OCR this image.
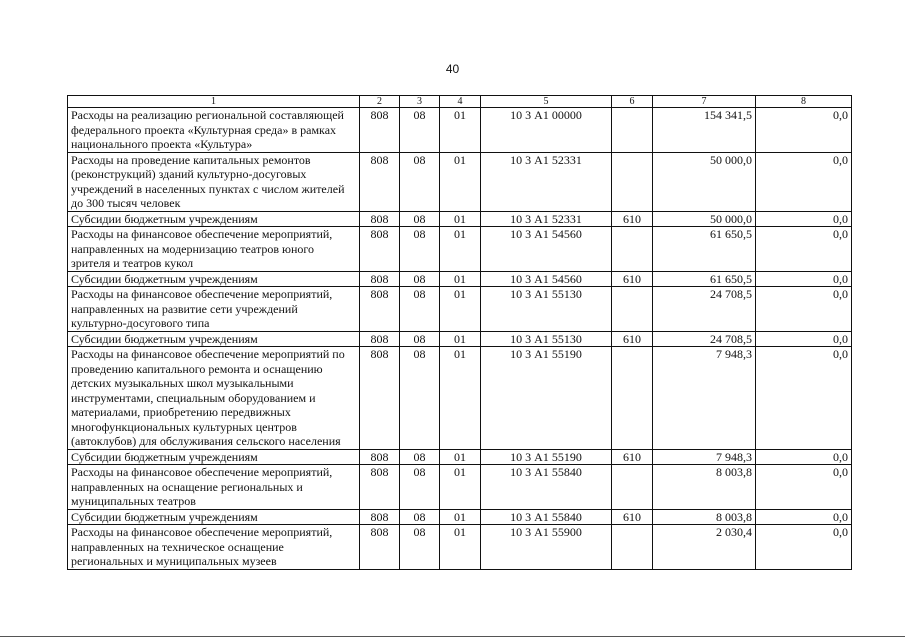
40
1	2	3	4	5	6	7	8
Расходы на реализацию региональной составляющей федерального проекта «Культурная среда» в рамках национального проекта «Культура»	808	08	01	10 3 А1 00000		154 341,5	0,0
Расходы на проведение капитальных ремонтов (реконструкций) зданий культурно-досуговых учреждений в населенных пунктах с числом жителей до 300 тысяч человек	808	08	01	10 3 А1 52331		50 000,0	0,0
Субсидии бюджетным учреждениям	808	08	01	10 3 А1 52331	610	50 000,0	0,0
Расходы на финансовое обеспечение мероприятий, направленных на модернизацию театров юного зрителя и театров кукол	808	08	01	10 3 А1 54560		61 650,5	0,0
Субсидии бюджетным учреждениям	808	08	01	10 3 А1 54560	610	61 650,5	0,0
Расходы на финансовое обеспечение мероприятий, направленных на развитие сети учреждений культурно-досугового типа	808	08	01	10 3 А1 55130		24 708,5	0,0
Субсидии бюджетным учреждениям	808	08	01	10 3 А1 55130	610	24 708,5	0,0
Расходы на финансовое обеспечение мероприятий по проведению капитального ремонта и оснащению детских музыкальных школ музыкальными инструментами, специальным оборудованием и материалами, приобретению передвижных многофункциональных культурных центров (автоклубов) для обслуживания сельского населения	808	08	01	10 3 А1 55190		7 948,3	0,0
Субсидии бюджетным учреждениям	808	08	01	10 3 А1 55190	610	7 948,3	0,0
Расходы на финансовое обеспечение мероприятий, направленных на оснащение региональных и муниципальных театров	808	08	01	10 3 А1 55840		8 003,8	0,0
Субсидии бюджетным учреждениям	808	08	01	10 3 А1 55840	610	8 003,8	0,0
Расходы на финансовое обеспечение мероприятий, направленных на техническое оснащение региональных и муниципальных музеев	808	08	01	10 3 А1 55900		2 030,4	0,0
